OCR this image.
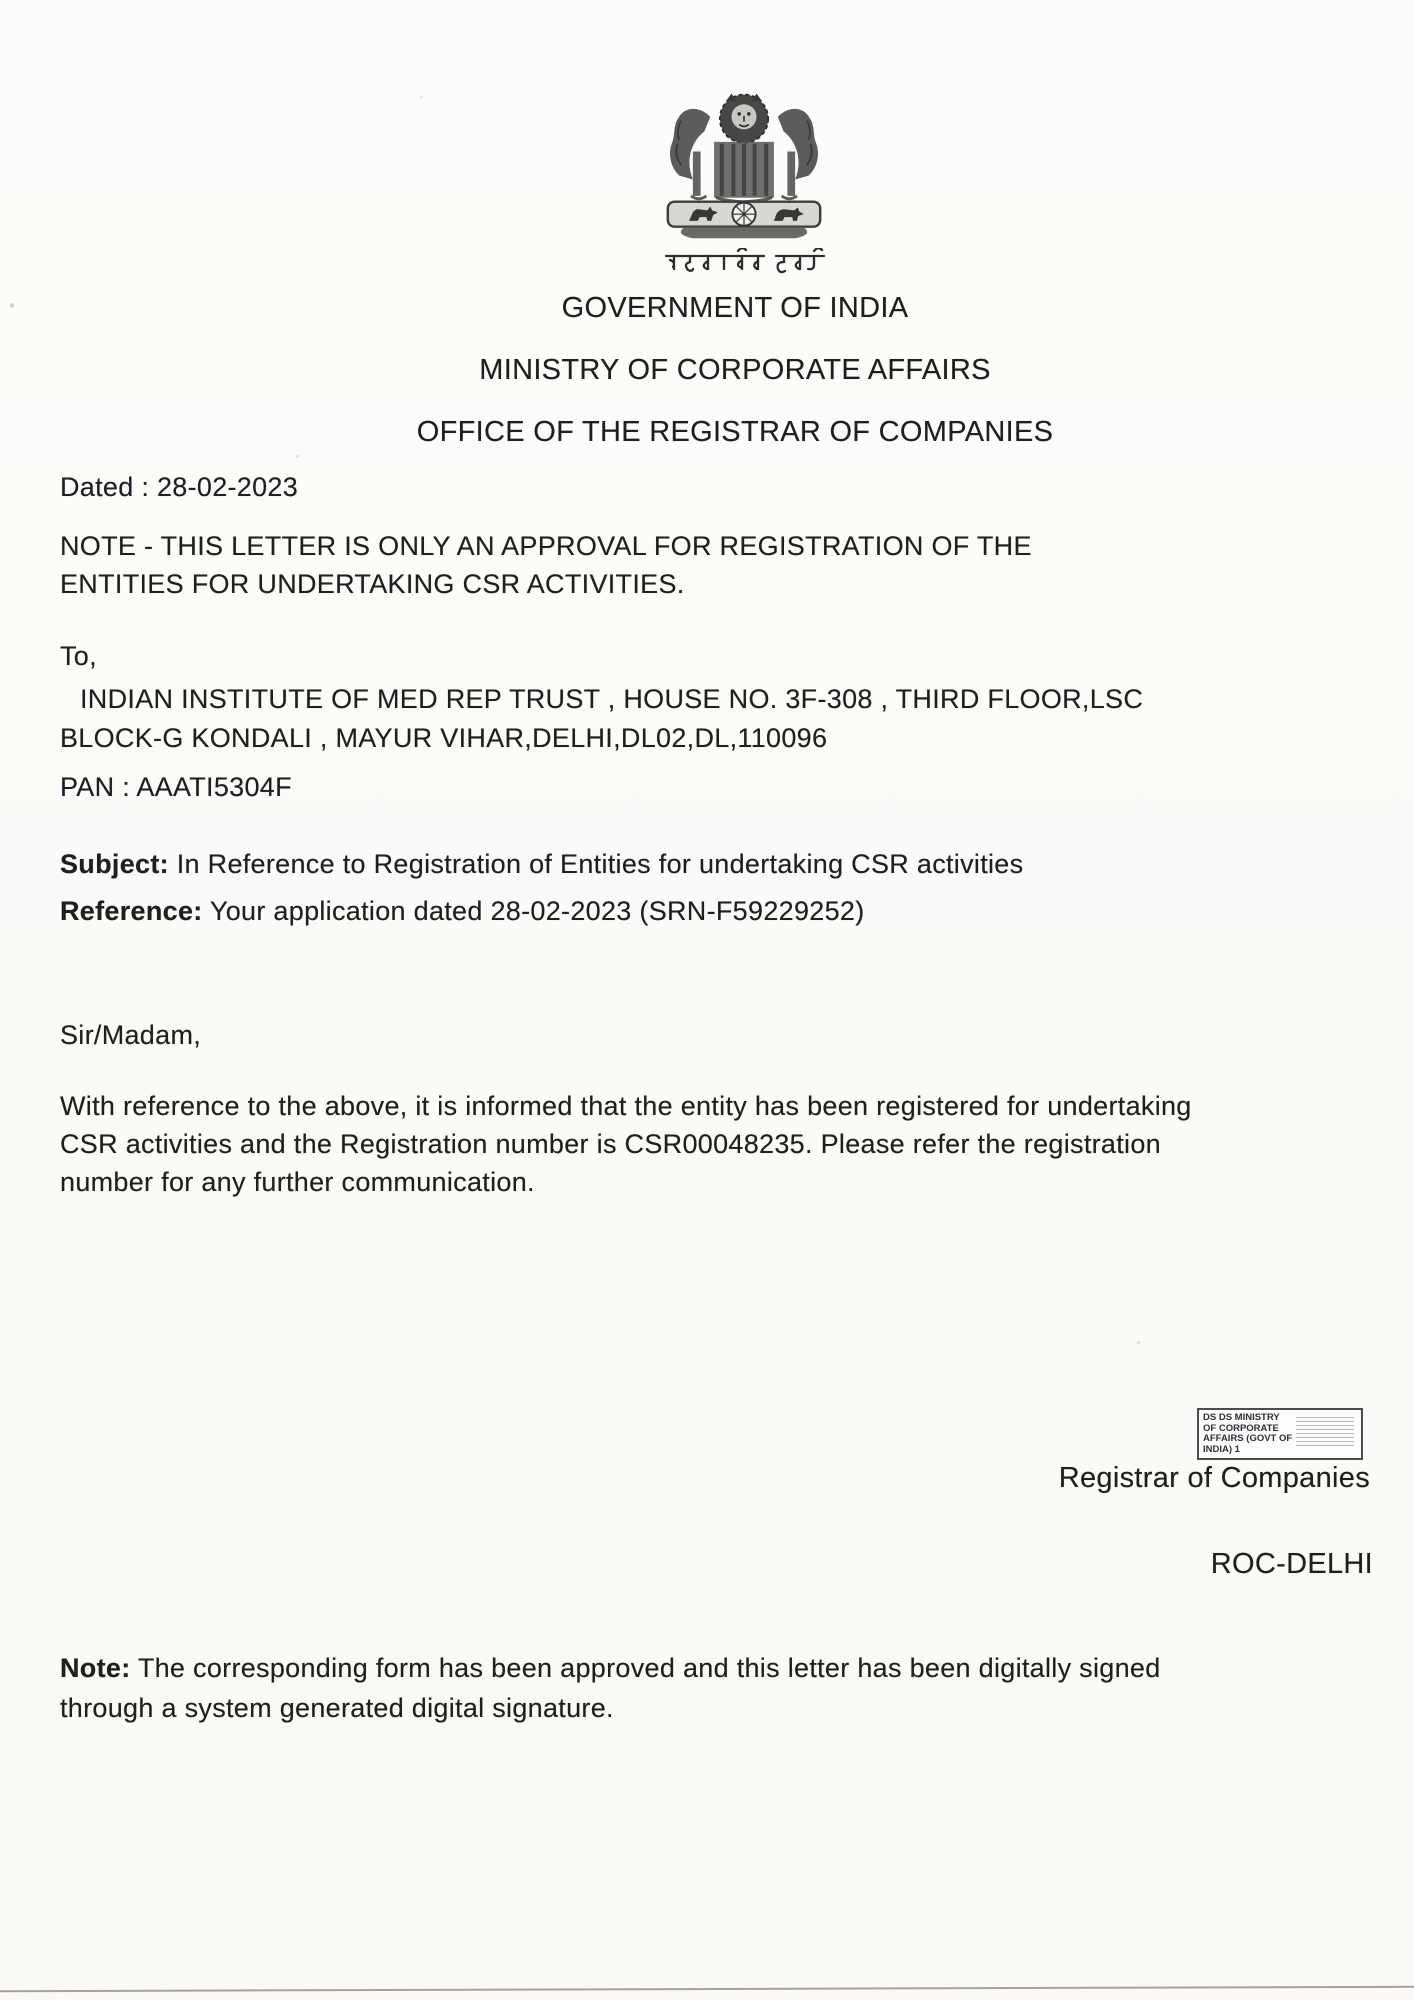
GOVERNMENT OF INDIA
MINISTRY OF CORPORATE AFFAIRS
OFFICE OF THE REGISTRAR OF COMPANIES
Dated : 28-02-2023
NOTE - THIS LETTER IS ONLY AN APPROVAL FOR REGISTRATION OF THE
ENTITIES FOR UNDERTAKING CSR ACTIVITIES.
To,
INDIAN INSTITUTE OF MED REP TRUST , HOUSE NO. 3F-308 , THIRD FLOOR,LSC
BLOCK-G KONDALI , MAYUR VIHAR,DELHI,DL02,DL,110096
PAN : AAATI5304F
Subject: In Reference to Registration of Entities for undertaking CSR activities
Reference: Your application dated 28-02-2023 (SRN-F59229252)
Sir/Madam,
With reference to the above, it is informed that the entity has been registered for undertaking
CSR activities and the Registration number is CSR00048235. Please refer the registration
number for any further communication.
DS DS MINISTRY
OF CORPORATE
AFFAIRS (GOVT OF
INDIA) 1
Registrar of Companies
ROC-DELHI
Note: The corresponding form has been approved and this letter has been digitally signed
through a system generated digital signature.
